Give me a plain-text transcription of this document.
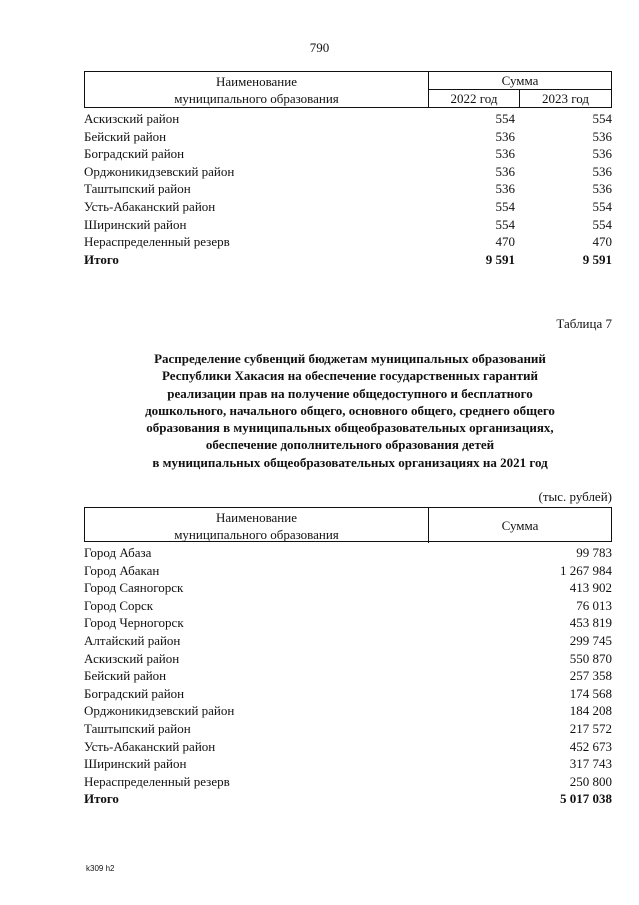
790
Наименование
муниципального образования
Сумма
2022 год	2023 год
Аскизский район	554	554
Бейский район	536	536
Боградский район	536	536
Орджоникидзевский район	536	536
Таштыпский район	536	536
Усть-Абаканский район	554	554
Ширинский район	554	554
Нераспределенный резерв	470	470
Итого	9 591	9 591
Таблица 7
Распределение субвенций бюджетам муниципальных образований
Республики Хакасия на обеспечение государственных гарантий
реализации прав на получение общедоступного и бесплатного
дошкольного, начального общего, основного общего, среднего общего
образования в муниципальных общеобразовательных организациях,
обеспечение дополнительного образования детей
в муниципальных общеобразовательных организациях на 2021 год
(тыс. рублей)
Наименование
муниципального образования
Сумма
Город Абаза	99 783
Город Абакан	1 267 984
Город Саяногорск	413 902
Город Сорск	76 013
Город Черногорск	453 819
Алтайский район	299 745
Аскизский район	550 870
Бейский район	257 358
Боградский район	174 568
Орджоникидзевский район	184 208
Таштыпский район	217 572
Усть-Абаканский район	452 673
Ширинский район	317 743
Нераспределенный резерв	250 800
Итого	5 017 038
k309 h2
